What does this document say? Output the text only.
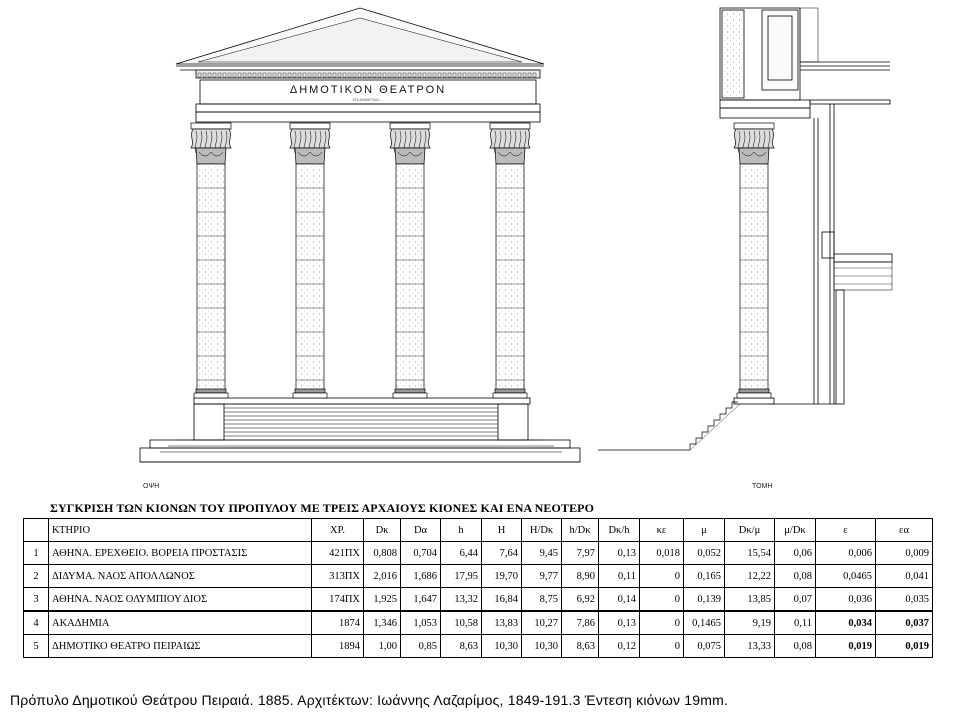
ΔΗΜΟΤΙΚΟΝ ΘΕΑΤΡΟΝ
ΕΠΙ ΔΗΜΑΡΧΙΑΣ ...
ΟΨΗ	ΤΟΜΗ
ΣΥΓΚΡΙΣΗ ΤΩΝ ΚΙΟΝΩΝ ΤΟΥ ΠΡΟΠΥΛΟΥ ΜΕ ΤΡΕΙΣ ΑΡΧΑΙΟΥΣ ΚΙΟΝΕΣ ΚΑΙ ΕΝΑ ΝΕΟΤΕΡΟ
	ΚΤΗΡΙΟ	ΧΡ.	Dκ	Dα	h	H	H/Dκ	h/Dκ	Dκ/h	κε	μ	Dκ/μ	μ/Dκ	ε	εα
1	ΑΘΗΝΑ. ΕΡΕΧΘΕΙΟ. ΒΟΡΕΙΑ ΠΡΟΣΤΑΣΙΣ	421ΠΧ	0,808	0,704	6,44	7,64	9,45	7,97	0,13	0,018	0,052	15,54	0,06	0,006	0,009
2	ΔΙΔΥΜΑ. ΝΑΟΣ ΑΠΟΛΛΩΝΟΣ	313ΠΧ	2,016	1,686	17,95	19,70	9,77	8,90	0,11	0	0,165	12,22	0,08	0,0465	0,041
3	ΑΘΗΝΑ. ΝΑΟΣ ΟΛΥΜΠΙΟΥ ΔΙΟΣ	174ΠΧ	1,925	1,647	13,32	16,84	8,75	6,92	0,14	0	0,139	13,85	0,07	0,036	0,035
4	ΑΚΑΔΗΜΙΑ	1874	1,346	1,053	10,58	13,83	10,27	7,86	0,13	0	0,1465	9,19	0,11	0,034	0,037
5	ΔΗΜΟΤΙΚΟ ΘΕΑΤΡΟ ΠΕΙΡΑΙΩΣ	1894	1,00	0,85	8,63	10,30	10,30	8,63	0,12	0	0,075	13,33	0,08	0,019	0,019
Πρόπυλο Δημοτικού Θεάτρου Πειραιά. 1885. Αρχιτέκτων: Ιωάννης Λαζαρίμος, 1849-191.3 Έντεση κιόνων 19mm.
